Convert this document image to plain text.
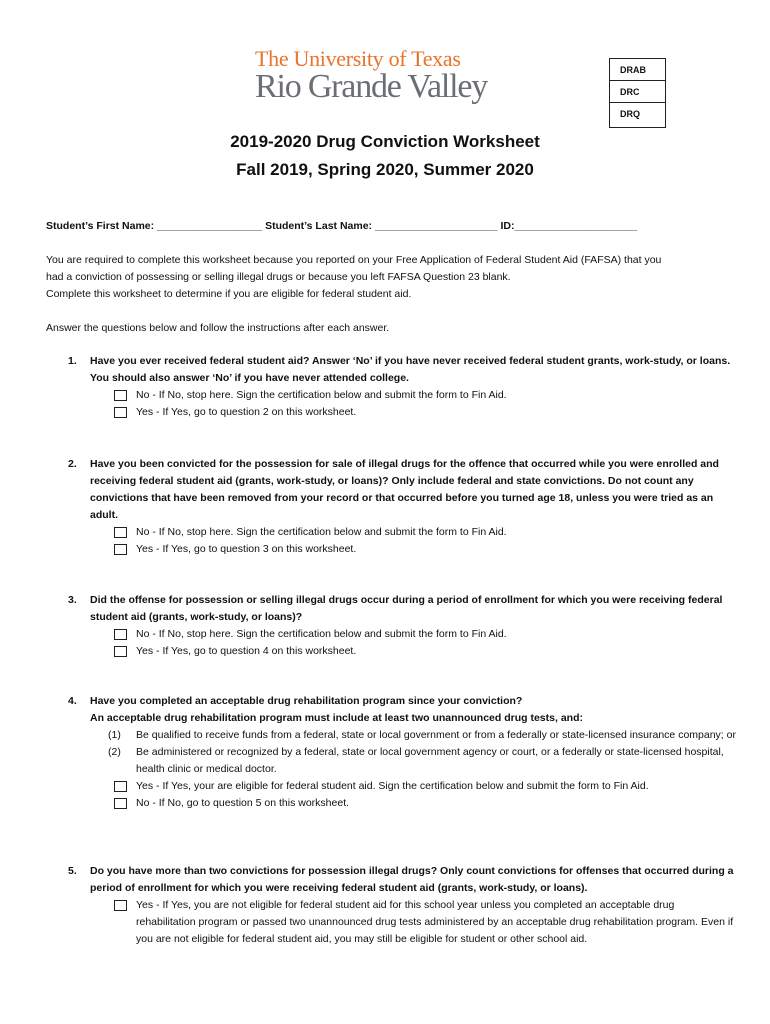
The University of Texas
Rio Grande Valley	DRAB
DRC
DRQ
2019-2020 Drug Conviction Worksheet
Fall 2019, Spring 2020, Summer 2020
Student’s First Name: __________________ Student’s Last Name: _____________________ ID:_____________________
You are required to complete this worksheet because you reported on your Free Application of Federal Student Aid (FAFSA) that you
had a conviction of possessing or selling illegal drugs or because you left FAFSA Question 23 blank.
Complete this worksheet to determine if you are eligible for federal student aid.
Answer the questions below and follow the instructions after each answer.
1. Have you ever received federal student aid? Answer ‘No’ if you have never received federal student grants, work-study, or loans. You should also answer ‘No’ if you have never attended college.
No - If No, stop here. Sign the certification below and submit the form to Fin Aid.
Yes - If Yes, go to question 2 on this worksheet.
2. Have you been convicted for the possession for sale of illegal drugs for the offence that occurred while you were enrolled and receiving federal student aid (grants, work-study, or loans)? Only include federal and state convictions. Do not count any convictions that have been removed from your record or that occurred before you turned age 18, unless you were tried as an adult.
No - If No, stop here. Sign the certification below and submit the form to Fin Aid.
Yes - If Yes, go to question 3 on this worksheet.
3. Did the offense for possession or selling illegal drugs occur during a period of enrollment for which you were receiving federal student aid (grants, work-study, or loans)?
No - If No, stop here. Sign the certification below and submit the form to Fin Aid.
Yes - If Yes, go to question 4 on this worksheet.
4. Have you completed an acceptable drug rehabilitation program since your conviction?
An acceptable drug rehabilitation program must include at least two unannounced drug tests, and:
(1) Be qualified to receive funds from a federal, state or local government or from a federally or state-licensed insurance company; or
(2) Be administered or recognized by a federal, state or local government agency or court, or a federally or state-licensed hospital, health clinic or medical doctor.
Yes - If Yes, your are eligible for federal student aid. Sign the certification below and submit the form to Fin Aid.
No - If No, go to question 5 on this worksheet.
5. Do you have more than two convictions for possession illegal drugs? Only count convictions for offenses that occurred during a period of enrollment for which you were receiving federal student aid (grants, work-study, or loans).
Yes - If Yes, you are not eligible for federal student aid for this school year unless you completed an acceptable drug rehabilitation program or passed two unannounced drug tests administered by an acceptable drug rehabilitation program. Even if you are not eligible for federal student aid, you may still be eligible for student or other school aid.
